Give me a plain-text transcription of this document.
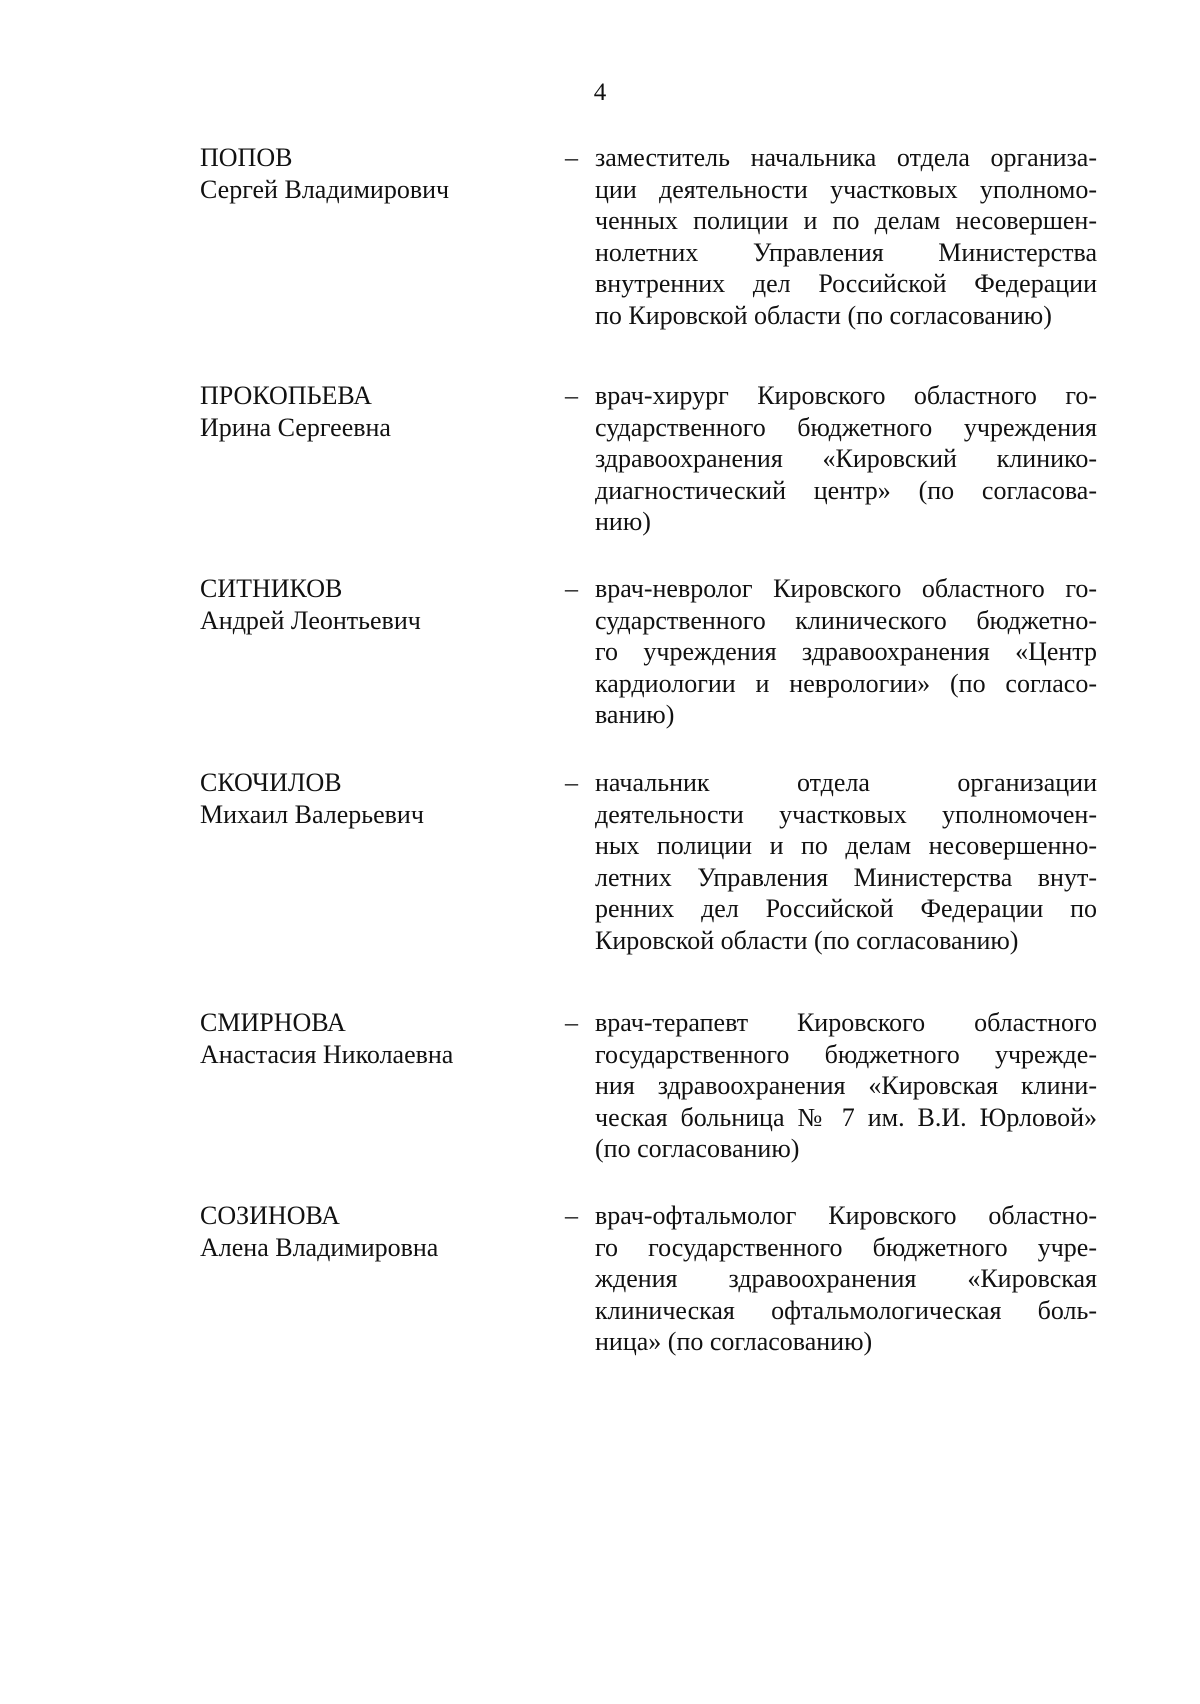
4
ПОПОВ
Сергей Владимирович
– заместитель начальника отдела организа-
ции деятельности участковых уполномо-
ченных полиции и по делам несовершен-
нолетних Управления Министерства
внутренних дел Российской Федерации
по Кировской области (по согласованию)
ПРОКОПЬЕВА
Ирина Сергеевна
– врач-хирург Кировского областного го-
сударственного бюджетного учреждения
здравоохранения «Кировский клинико-
диагностический центр» (по согласова-
нию)
СИТНИКОВ
Андрей Леонтьевич
– врач-невролог Кировского областного го-
сударственного клинического бюджетно-
го учреждения здравоохранения «Центр
кардиологии и неврологии» (по согласо-
ванию)
СКОЧИЛОВ
Михаил Валерьевич
– начальник отдела организации
деятельности участковых уполномочен-
ных полиции и по делам несовершенно-
летних Управления Министерства внут-
ренних дел Российской Федерации по
Кировской области (по согласованию)
СМИРНОВА
Анастасия Николаевна
– врач-терапевт Кировского областного
государственного бюджетного учрежде-
ния здравоохранения «Кировская клини-
ческая больница № 7 им. В.И. Юрловой»
(по согласованию)
СОЗИНОВА
Алена Владимировна
– врач-офтальмолог Кировского областно-
го государственного бюджетного учре-
ждения здравоохранения «Кировская
клиническая офтальмологическая боль-
ница» (по согласованию)
